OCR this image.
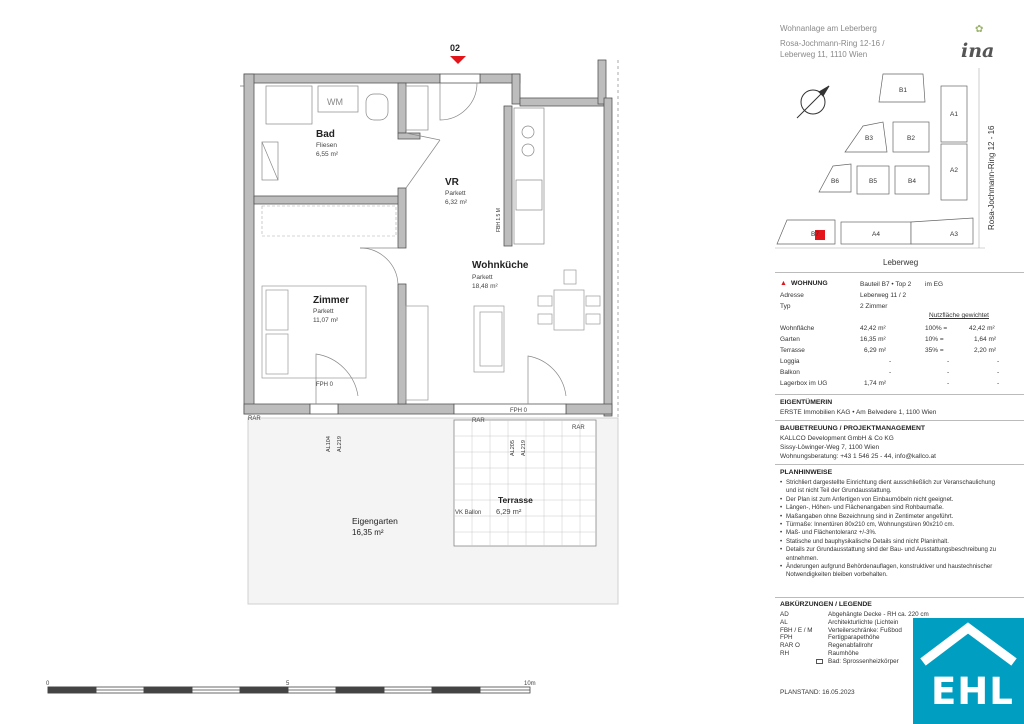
02
WM
Bad
Fliesen
6,55 m²
VR
Parkett
6,32 m²
Wohnküche
Parkett
18,48 m²
Zimmer
Parkett
11,07 m²
Terrasse
6,29 m²
Eigengarten
16,35 m²
RAR	RAR
RAR
FPH 0
FPH 0
AL104 AL219	AL205 AL219
VK Ballon
FBH 1.5 M
0	5	10m
Wohnanlage am Leberberg
Rosa-Jochmann-Ring 12-16 /
Leberweg 11, 1110 Wien	ina
✿
B1
B2
B3
B4
B5
B6
B7
A1
A2
A3
A4
Leberweg
Rosa-Jochmann-Ring 12 - 16
▲ WOHNUNG	Bauteil B7 • Top 2 im EG
Adresse	Leberweg 11 / 2
Typ	2 Zimmer
Nutzfläche gewichtet
Wohnfläche	42,42 m²	100% =	42,42 m²
Garten	16,35 m²	10% =	1,64 m²
Terrasse	6,29 m²	35% =	2,20 m²
Loggia	-	-	-
Balkon	-	-	-
Lagerbox im UG	1,74 m²	-	-
EIGENTÜMERIN
ERSTE Immobilien KAG • Am Belvedere 1, 1100 Wien
BAUBETREUUNG / PROJEKTMANAGEMENT
KALLCO Development GmbH & Co KG
Sissy-Löwinger-Weg 7, 1100 Wien
Wohnungsberatung: +43 1 546 25 - 44, info@kallco.at
PLANHINWEISE
• Strichliert dargestellte Einrichtung dient ausschließlich zur Veranschaulichung und ist nicht Teil der Grundausstattung.
• Der Plan ist zum Anfertigen von Einbaumöbeln nicht geeignet.
• Längen-, Höhen- und Flächenangaben sind Rohbaumaße.
• Maßangaben ohne Bezeichnung sind in Zentimeter angeführt.
• Türmaße: Innentüren 80x210 cm, Wohnungstüren 90x210 cm.
• Maß- und Flächentoleranz +/-3%.
• Statische und bauphysikalische Details sind nicht Planinhalt.
• Details zur Grundausstattung sind der Bau- und Ausstattungsbeschreibung zu entnehmen.
• Änderungen aufgrund Behördenauflagen, konstruktiver und haustechnischer Notwendigkeiten bleiben vorbehalten.
ABKÜRZUNGEN / LEGENDE
AD	Abgehängte Decke - RH ca. 220 cm
AL	Architekturlichte (Lichtein
FBH / E / M Verteilerschränke: Fußbod
FPH	Fertigparapethöhe
RAR O	Regenabfallrohr
RH	Raumhöhe
Bad: Sprossenheizkörper
PLANSTAND: 16.05.2023 EHL
